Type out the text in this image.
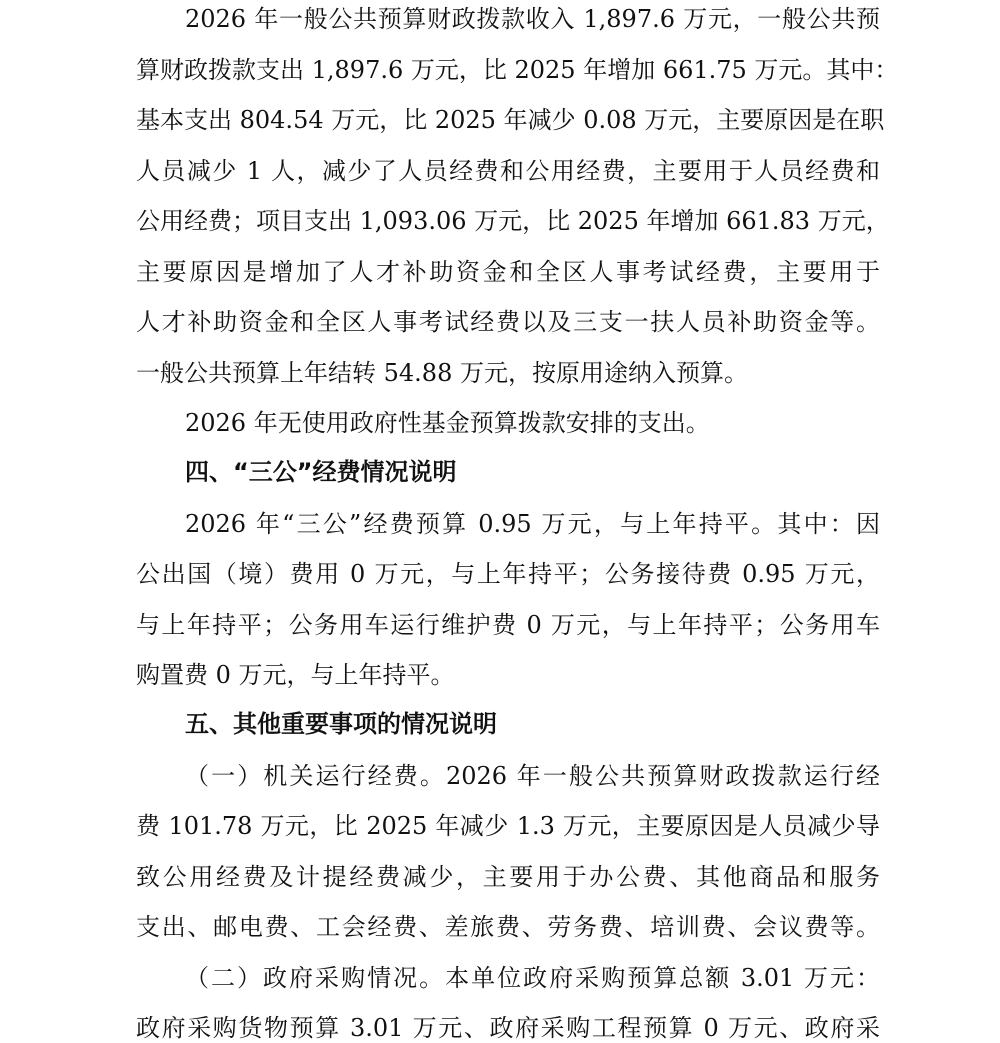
2026 年一般公共预算财政拨款收入 1,897.6 万元，一般公共预
算财政拨款支出 1,897.6 万元，比 2025 年增加 661.75 万元。其中：
基本支出 804.54 万元，比 2025 年减少 0.08 万元，主要原因是在职
人员减少 1 人，减少了人员经费和公用经费，主要用于人员经费和
公用经费；项目支出 1,093.06 万元，比 2025 年增加 661.83 万元，
主要原因是增加了人才补助资金和全区人事考试经费，主要用于
人才补助资金和全区人事考试经费以及三支一扶人员补助资金等。
一般公共预算上年结转 54.88 万元，按原用途纳入预算。
2026 年无使用政府性基金预算拨款安排的支出。
四、“三公”经费情况说明
2026 年“三公”经费预算 0.95 万元，与上年持平。其中：因
公出国（境）费用 0 万元，与上年持平；公务接待费 0.95 万元，
与上年持平；公务用车运行维护费 0 万元，与上年持平；公务用车
购置费 0 万元，与上年持平。
五、其他重要事项的情况说明
（一）机关运行经费。2026 年一般公共预算财政拨款运行经
费 101.78 万元，比 2025 年减少 1.3 万元，主要原因是人员减少导
致公用经费及计提经费减少，主要用于办公费、其他商品和服务
支出、邮电费、工会经费、差旅费、劳务费、培训费、会议费等。
（二）政府采购情况。本单位政府采购预算总额 3.01 万元：
政府采购货物预算 3.01 万元、政府采购工程预算 0 万元、政府采
